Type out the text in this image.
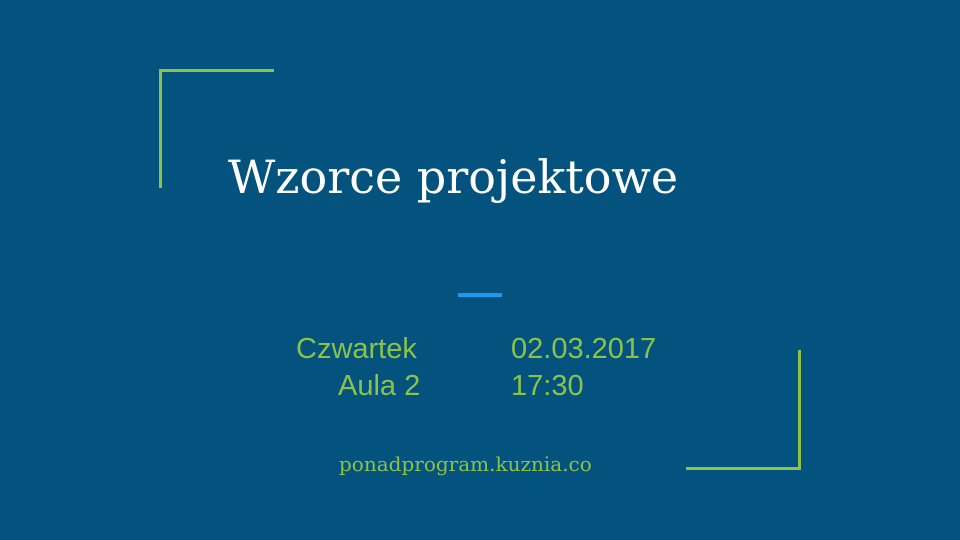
Wzorce projektowe
Czwartek	02.03.2017
Aula 2	17:30
ponadprogram.kuznia.co
